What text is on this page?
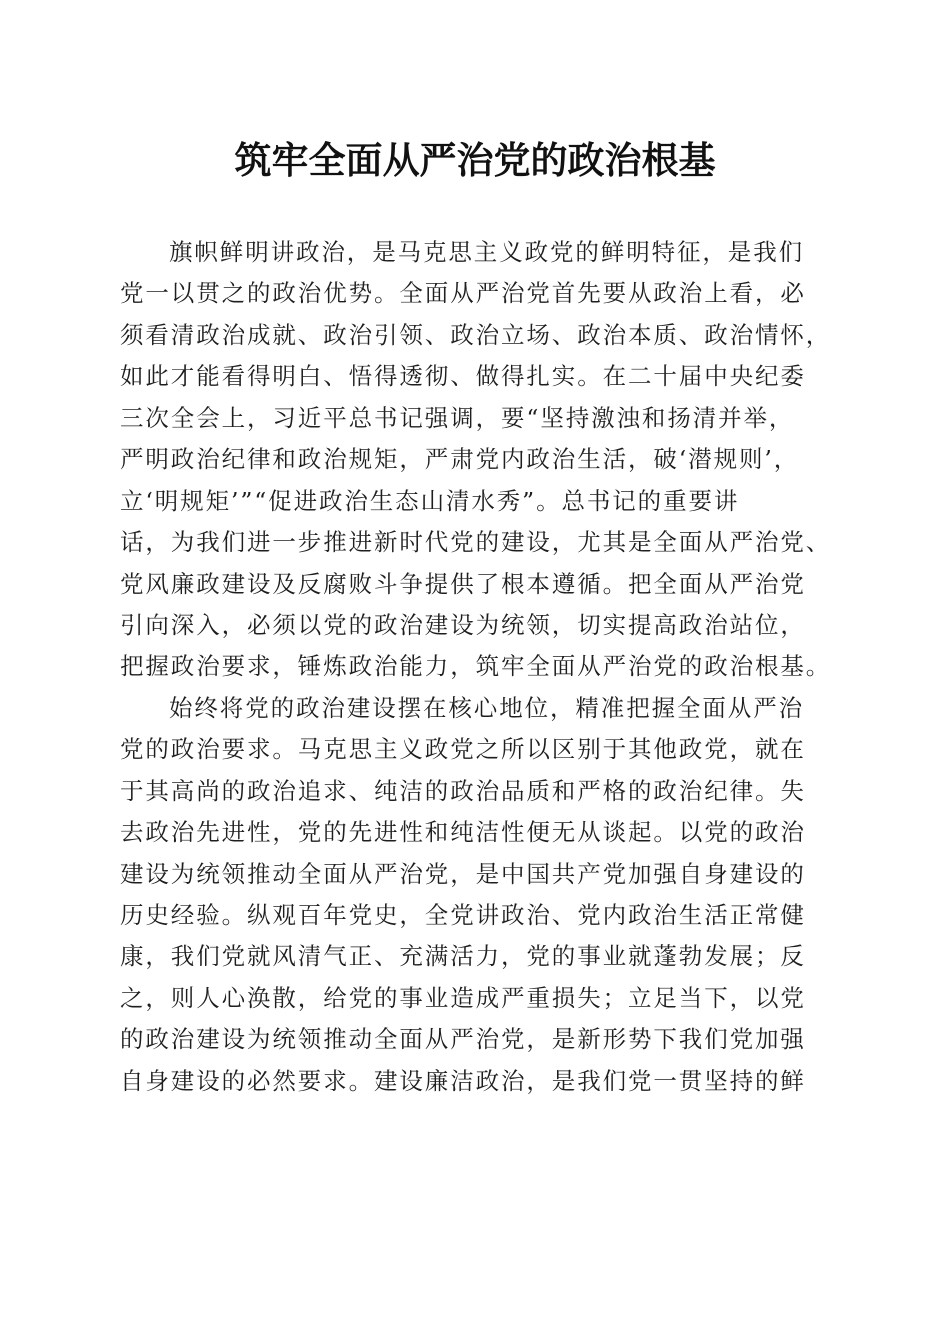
筑牢全面从严治党的政治根基
旗帜鲜明讲政治，是马克思主义政党的鲜明特征，是我们
党一以贯之的政治优势。全面从严治党首先要从政治上看，必
须看清政治成就、政治引领、政治立场、政治本质、政治情怀，
如此才能看得明白、悟得透彻、做得扎实。在二十届中央纪委
三次全会上，习近平总书记强调，要“坚持激浊和扬清并举，
严明政治纪律和政治规矩，严肃党内政治生活，破‘潜规则’，
立‘明规矩’”“促进政治生态山清水秀”。总书记的重要讲
话，为我们进一步推进新时代党的建设，尤其是全面从严治党、
党风廉政建设及反腐败斗争提供了根本遵循。把全面从严治党
引向深入，必须以党的政治建设为统领，切实提高政治站位，
把握政治要求，锤炼政治能力，筑牢全面从严治党的政治根基。
始终将党的政治建设摆在核心地位，精准把握全面从严治
党的政治要求。马克思主义政党之所以区别于其他政党，就在
于其高尚的政治追求、纯洁的政治品质和严格的政治纪律。失
去政治先进性，党的先进性和纯洁性便无从谈起。以党的政治
建设为统领推动全面从严治党，是中国共产党加强自身建设的
历史经验。纵观百年党史，全党讲政治、党内政治生活正常健
康，我们党就风清气正、充满活力，党的事业就蓬勃发展；反
之，则人心涣散，给党的事业造成严重损失；立足当下，以党
的政治建设为统领推动全面从严治党，是新形势下我们党加强
自身建设的必然要求。建设廉洁政治，是我们党一贯坚持的鲜
